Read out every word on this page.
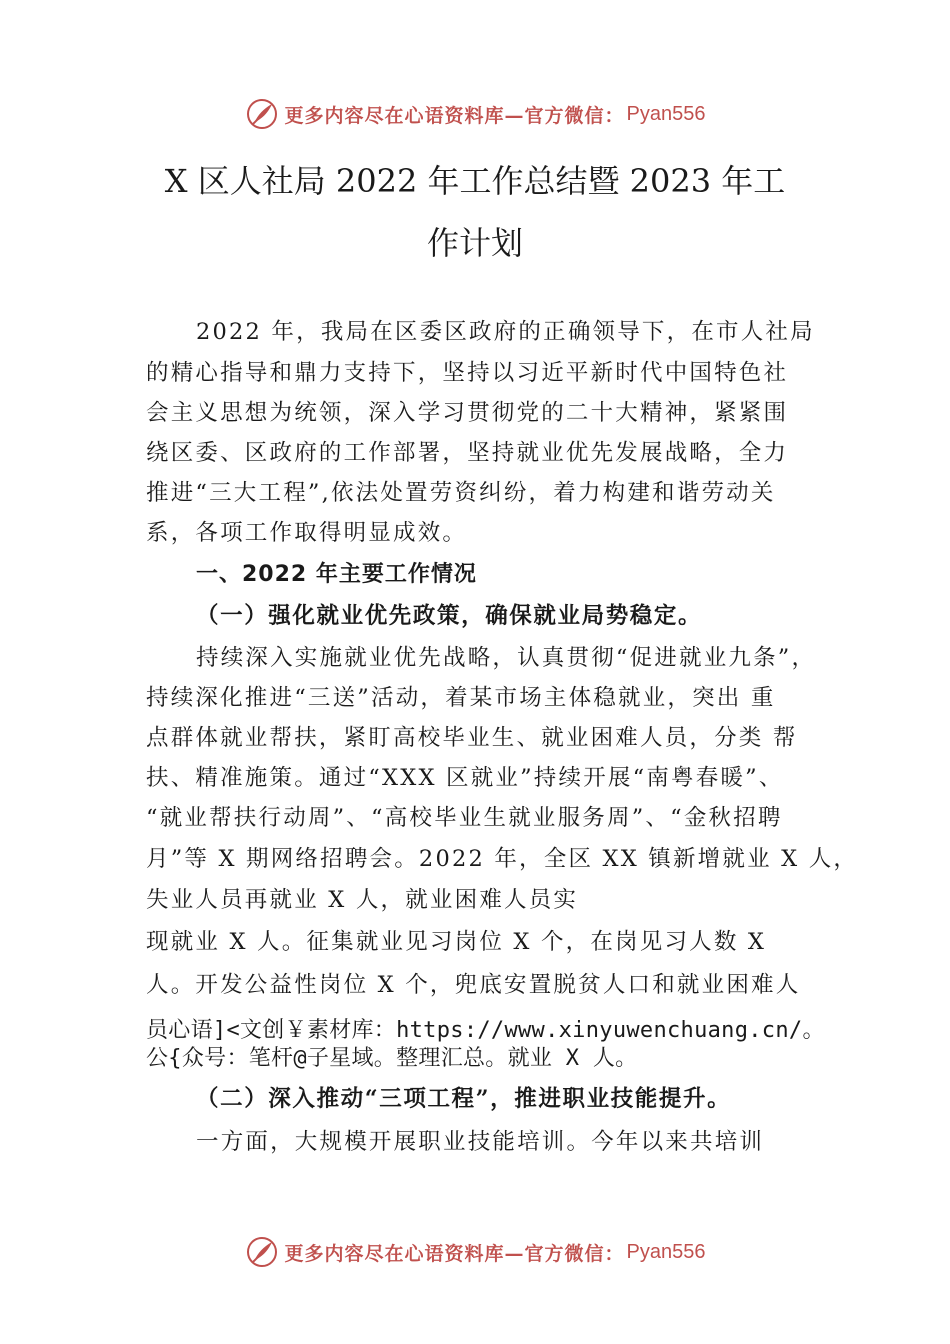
更多内容尽在心语资料库—官方微信： Pyan556
X 区人社局 2022 年工作总结暨 2023 年工
作计划
2022 年，我局在区委区政府的正确领导下，在市人社局
的精心指导和鼎力支持下，坚持以习近平新时代中国特色社
会主义思想为统领，深入学习贯彻党的二十大精神，紧紧围
绕区委、区政府的工作部署，坚持就业优先发展战略，全力
推进“三大工程”,依法处置劳资纠纷，着力构建和谐劳动关
系，各项工作取得明显成效。
一、2022 年主要工作情况
（一）强化就业优先政策，确保就业局势稳定。
持续深入实施就业优先战略，认真贯彻“促进就业九条”，
持续深化推进“三送”活动，着某市场主体稳就业，突出 重
点群体就业帮扶，紧盯高校毕业生、就业困难人员，分类 帮
扶、精准施策。通过“XXX 区就业”持续开展“南粤春暖”、
“就业帮扶行动周”、“高校毕业生就业服务周”、“金秋招聘
月”等 X 期网络招聘会。2022 年，全区 XX 镇新增就业 X 人，
失业人员再就业 X 人，就业困难人员实
现就业 X 人。征集就业见习岗位 X 个，在岗见习人数 X
人。开发公益性岗位 X 个，兜底安置脱贫人口和就业困难人
员心语]<文创￥素材库：https://www.xinyuwenchuang.cn/。
公{众号：笔杆@子星域。整理汇总。就业 X 人。
（二）深入推动“三项工程”，推进职业技能提升。
一方面，大规模开展职业技能培训。今年以来共培训
更多内容尽在心语资料库—官方微信： Pyan556
